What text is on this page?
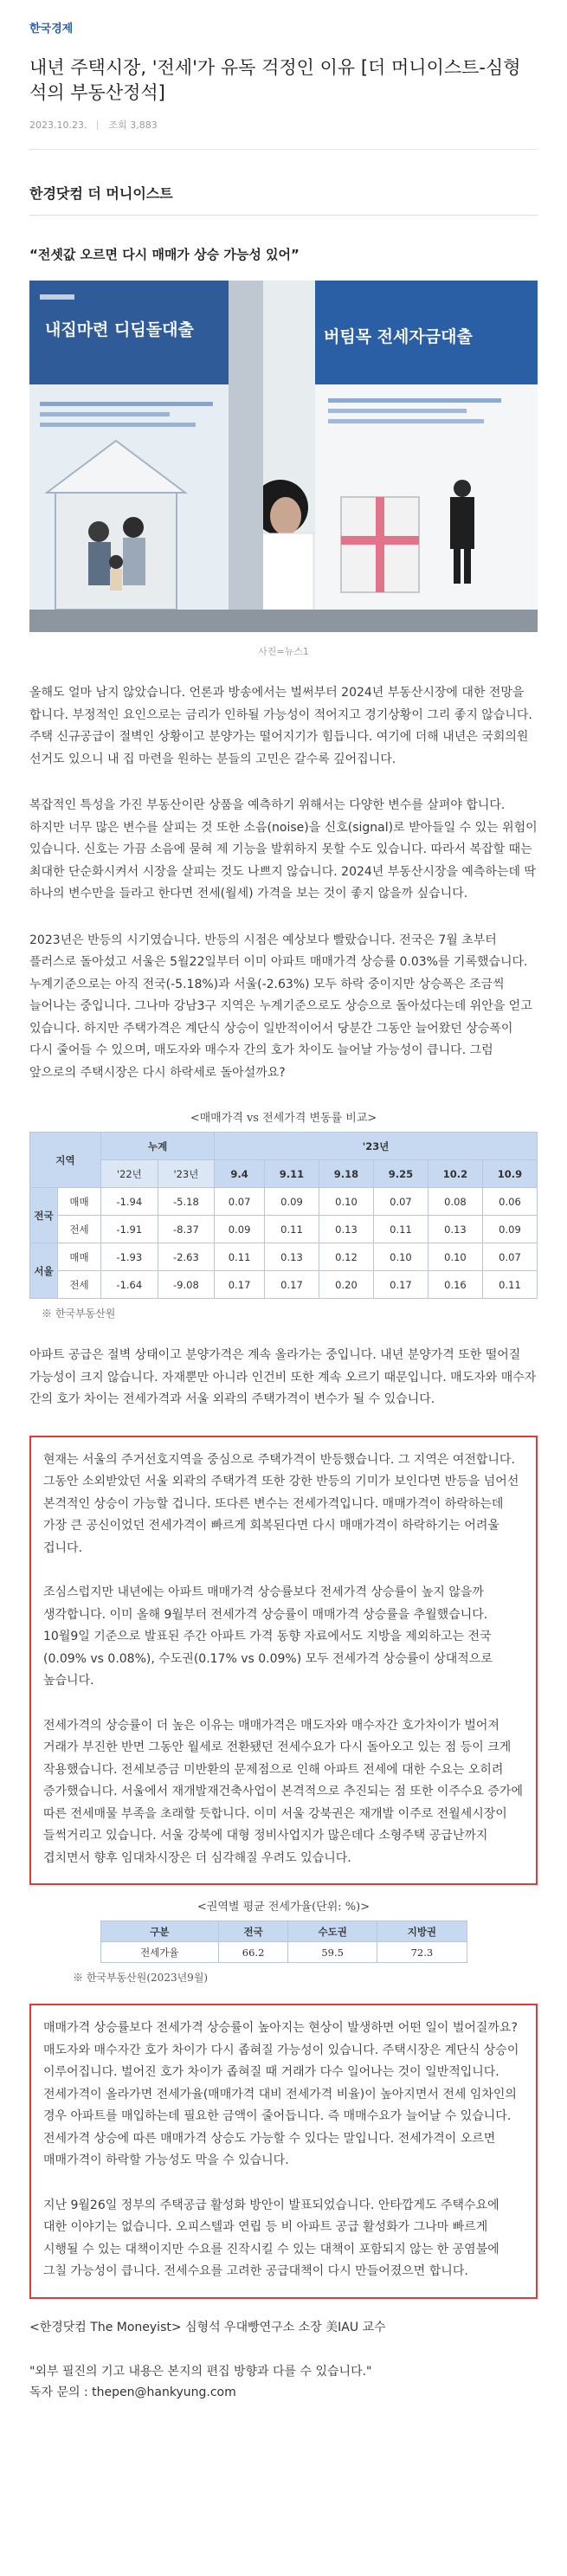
한국경제
내년 주택시장, '전세'가 유독 걱정인 이유 [더 머니이스트-심형석의 부동산정석]
2023.10.23. 조회 3,883
한경닷컴 더 머니이스트
“전셋값 오르면 다시 매매가 상승 가능성 있어”
내집마련 디딤돌대출	버팀목 전세자금대출
사진=뉴스1

올해도 얼마 남지 않았습니다. 언론과 방송에서는 벌써부터 2024년 부동산시장에 대한 전망을 합니다. 부정적인 요인으로는 금리가 인하될 가능성이 적어지고 경기상황이 그리 좋지 않습니다. 주택 신규공급이 절벽인 상황이고 분양가는 떨어지기가 힘듭니다. 여기에 더해 내년은 국회의원 선거도 있으니 내 집 마련을 원하는 분들의 고민은 갈수록 깊어집니다.

복잡적인 특성을 가진 부동산이란 상품을 예측하기 위해서는 다양한 변수를 살펴야 합니다. 하지만 너무 많은 변수를 살피는 것 또한 소음(noise)을 신호(signal)로 받아들일 수 있는 위험이 있습니다. 신호는 가끔 소음에 묻혀 제 기능을 발휘하지 못할 수도 있습니다. 따라서 복잡할 때는 최대한 단순화시켜서 시장을 살피는 것도 나쁘지 않습니다. 2024년 부동산시장을 예측하는데 딱 하나의 변수만을 들라고 한다면 전세(월세) 가격을 보는 것이 좋지 않을까 싶습니다.

2023년은 반등의 시기였습니다. 반등의 시점은 예상보다 빨랐습니다. 전국은 7월 초부터 플러스로 돌아섰고 서울은 5월22일부터 이미 아파트 매매가격 상승률 0.03%를 기록했습니다. 누계기준으로는 아직 전국(-5.18%)과 서울(-2.63%) 모두 하락 중이지만 상승폭은 조금씩 늘어나는 중입니다. 그나마 강남3구 지역은 누계기준으로도 상승으로 돌아섰다는데 위안을 얻고 있습니다. 하지만 주택가격은 계단식 상승이 일반적이어서 당분간 그동안 늘어왔던 상승폭이 다시 줄어들 수 있으며, 매도자와 매수자 간의 호가 차이도 늘어날 가능성이 큽니다. 그럼 앞으로의 주택시장은 다시 하락세로 돌아설까요?

<매매가격 vs 전세가격 변동률 비교>
지역		누계		'23년					
		'22년	'23년	9.4	9.11	9.18	9.25	10.2	10.9
전국	매매	-1.94	-5.18	0.07	0.09	0.10	0.07	0.08	0.06
	전세	-1.91	-8.37	0.09	0.11	0.13	0.11	0.13	0.09
서울	매매	-1.93	-2.63	0.11	0.13	0.12	0.10	0.10	0.07
	전세	-1.64	-9.08	0.17	0.17	0.20	0.17	0.16	0.11
※ 한국부동산원

아파트 공급은 절벽 상태이고 분양가격은 계속 올라가는 중입니다. 내년 분양가격 또한 떨어질 가능성이 크지 않습니다. 자재뿐만 아니라 인건비 또한 계속 오르기 때문입니다. 매도자와 매수자 간의 호가 차이는 전세가격과 서울 외곽의 주택가격이 변수가 될 수 있습니다.

현재는 서울의 주거선호지역을 중심으로 주택가격이 반등했습니다. 그 지역은 여전합니다. 그동안 소외받았던 서울 외곽의 주택가격 또한 강한 반등의 기미가 보인다면 반등을 넘어선 본격적인 상승이 가능할 겁니다. 또다른 변수는 전세가격입니다. 매매가격이 하락하는데 가장 큰 공신이었던 전세가격이 빠르게 회복된다면 다시 매매가격이 하락하기는 어려울 겁니다.

조심스럽지만 내년에는 아파트 매매가격 상승률보다 전세가격 상승률이 높지 않을까 생각합니다. 이미 올해 9월부터 전세가격 상승률이 매매가격 상승률을 추월했습니다. 10월9일 기준으로 발표된 주간 아파트 가격 동향 자료에서도 지방을 제외하고는 전국(0.09% vs 0.08%), 수도권(0.17% vs 0.09%) 모두 전세가격 상승률이 상대적으로 높습니다.

전세가격의 상승률이 더 높은 이유는 매매가격은 매도자와 매수자간 호가차이가 벌어져 거래가 부진한 반면 그동안 월세로 전환됐던 전세수요가 다시 돌아오고 있는 점 등이 크게 작용했습니다. 전세보증금 미반환의 문제점으로 인해 아파트 전세에 대한 수요는 오히려 증가했습니다. 서울에서 재개발재건축사업이 본격적으로 추진되는 점 또한 이주수요 증가에 따른 전세매물 부족을 초래할 듯합니다. 이미 서울 강북권은 재개발 이주로 전월세시장이 들썩거리고 있습니다. 서울 강북에 대형 정비사업지가 많은데다 소형주택 공급난까지 겹치면서 향후 임대차시장은 더 심각해질 우려도 있습니다.

<권역별 평균 전세가율(단위: %)>
구분	전국	수도권	지방권
전세가율	66.2	59.5	72.3
※ 한국부동산원(2023년9월)

매매가격 상승률보다 전세가격 상승률이 높아지는 현상이 발생하면 어떤 일이 벌어질까요? 매도자와 매수자간 호가 차이가 다시 좁혀질 가능성이 있습니다. 주택시장은 계단식 상승이 이루어집니다. 벌어진 호가 차이가 좁혀질 때 거래가 다수 일어나는 것이 일반적입니다. 전세가격이 올라가면 전세가율(매매가격 대비 전세가격 비율)이 높아지면서 전세 임차인의 경우 아파트를 매입하는데 필요한 금액이 줄어듭니다. 즉 매매수요가 늘어날 수 있습니다. 전세가격 상승에 따른 매매가격 상승도 가능할 수 있다는 말입니다. 전세가격이 오르면 매매가격이 하락할 가능성도 막을 수 있습니다.

지난 9월26일 정부의 주택공급 활성화 방안이 발표되었습니다. 안타깝게도 주택수요에 대한 이야기는 없습니다. 오피스텔과 연립 등 비 아파트 공급 활성화가 그나마 빠르게 시행될 수 있는 대책이지만 수요를 진작시킬 수 있는 대책이 포함되지 않는 한 공염불에 그칠 가능성이 큽니다. 전세수요를 고려한 공급대책이 다시 만들어졌으면 합니다.

<한경닷컴 The Moneyist> 심형석 우대빵연구소 소장 美IAU 교수
"외부 필진의 기고 내용은 본지의 편집 방향과 다를 수 있습니다."
독자 문의 : thepen@hankyung.com
